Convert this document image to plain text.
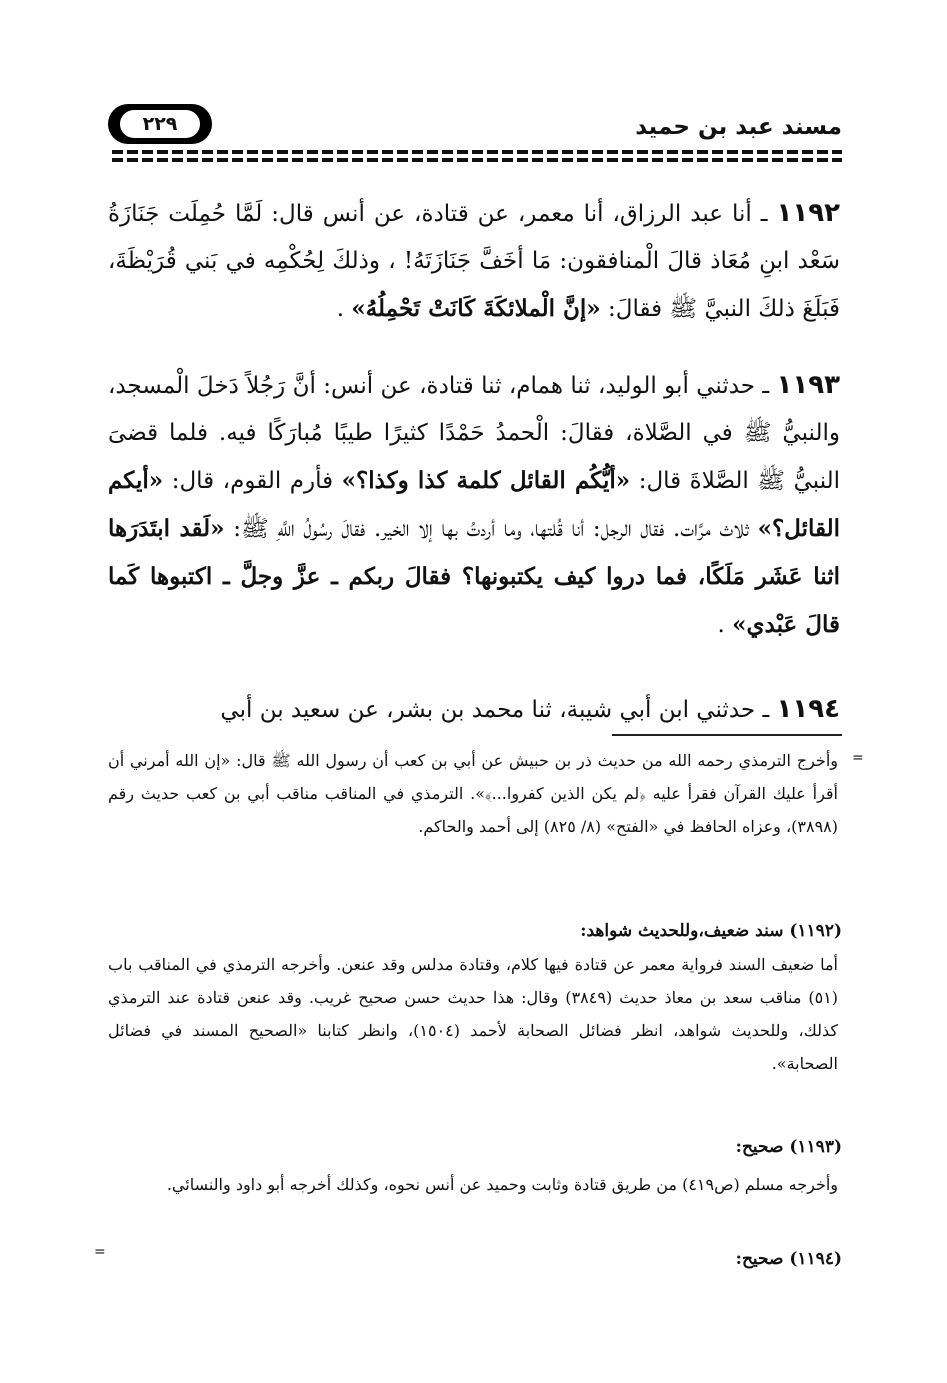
٢٢٩	مسند عبد بن حميد
١١٩٢ ـ أنا عبد الرزاق، أنا معمر، عن قتادة، عن أنس قال: لَمَّا حُمِلَت جَنَازَةُ سَعْد ابنِ مُعَاذ قالَ الْمنافقون: مَا أخَفَّ جَنَازَتَهُ! ، وذلكَ لِحُكْمِه في بَني قُرَيْظَةَ، فَبَلَغَ ذلكَ النبيَّ ﷺ فقالَ: «إنَّ الْملائكَةَ كَانَتْ تَحْمِلُهُ» .
١١٩٣ ـ حدثني أبو الوليد، ثنا همام، ثنا قتادة، عن أنس: أنَّ رَجُلاً دَخلَ الْمسجد، والنبيُّ ﷺ في الصَّلاة، فقالَ: الْحمدُ حَمْدًا كثيرًا طيبًا مُبارَكًا فيه. فلما قضىَ النبيُّ ﷺ الصَّلاةَ قال: «أيُّكُم القائل كلمة كذا وكذا؟» فأرم القوم، قال: «أيكم القائل؟» ثلاث مرَّات. فقال الرجل: أنا قُلتها، وما أردتُ بها إلا الخير. فقالَ رسُولُ اللَّهِ ﷺ: «لَقد ابتَدَرَها اثنا عَشَر مَلَكًا، فما دروا كيف يكتبونها؟ فقالَ ربكم ـ عزَّ وجلَّ ـ اكتبوها كَما قالَ عَبْدي» .
١١٩٤ ـ حدثني ابن أبي شيبة، ثنا محمد بن بشر، عن سعيد بن أبي
=
=
وأخرج الترمذي رحمه الله من حديث ذر بن حبيش عن أبي بن كعب أن رسول الله ﷺ قال: «إن الله أمرني أن أقرأ عليك القرآن فقرأ عليه ﴿لم يكن الذين كفروا...﴾». الترمذي في المناقب مناقب أبي بن كعب حديث رقم (٣٨٩٨)، وعزاه الحافظ في «الفتح» (٨/ ٨٢٥) إلى أحمد والحاكم.
(١١٩٢) سند ضعيف،وللحديث شواهد:
أما ضعيف السند فرواية معمر عن قتادة فيها كلام، وقتادة مدلس وقد عنعن. وأخرجه الترمذي في المناقب باب (٥١) مناقب سعد بن معاذ حديث (٣٨٤٩) وقال: هذا حديث حسن صحيح غريب. وقد عنعن قتادة عند الترمذي كذلك، وللحديث شواهد، انظر فضائل الصحابة لأحمد (١٥٠٤)، وانظر كتابنا «الصحيح المسند في فضائل الصحابة».
(١١٩٣) صحيح:
وأخرجه مسلم (ص٤١٩) من طريق قتادة وثابت وحميد عن أنس نحوه، وكذلك أخرجه أبو داود والنسائي.
(١١٩٤) صحيح:
